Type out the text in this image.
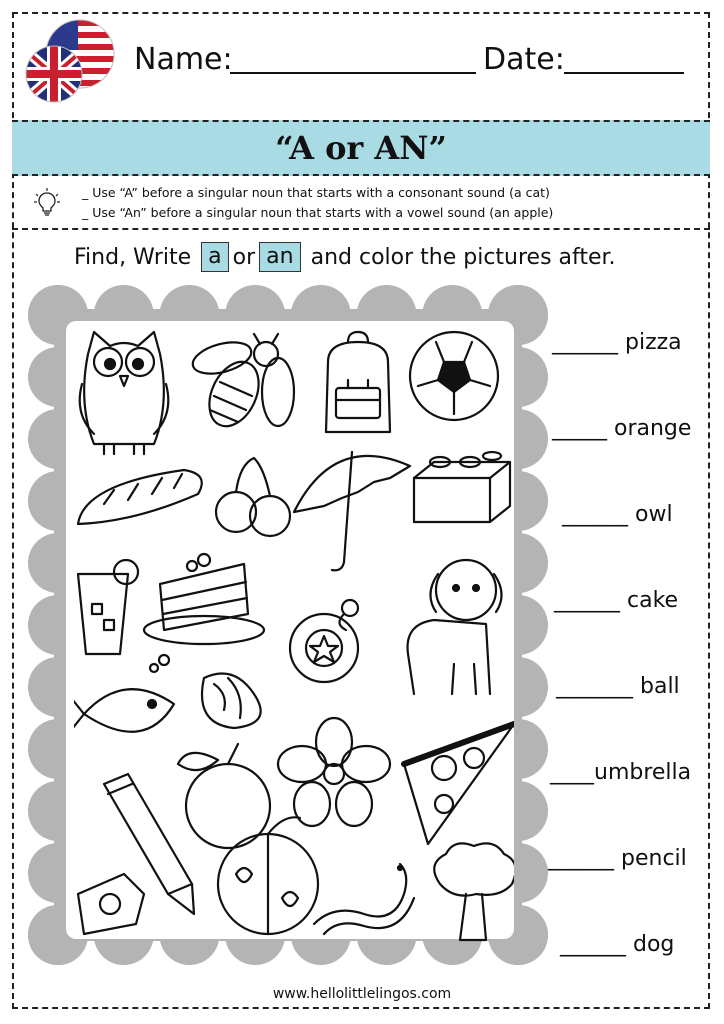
Name:	Date:
“A or AN”
_ Use “A” before a singular noun that starts with a consonant sound (a cat)
_ Use “An” before a singular noun that starts with a vowel sound (an apple)
Find, Write a or an and color the pictures after.
______ pizza
_____ orange
______ owl
______ cake
_______ ball
____umbrella
______ pencil
______ dog
www.hellolittlelingos.com
